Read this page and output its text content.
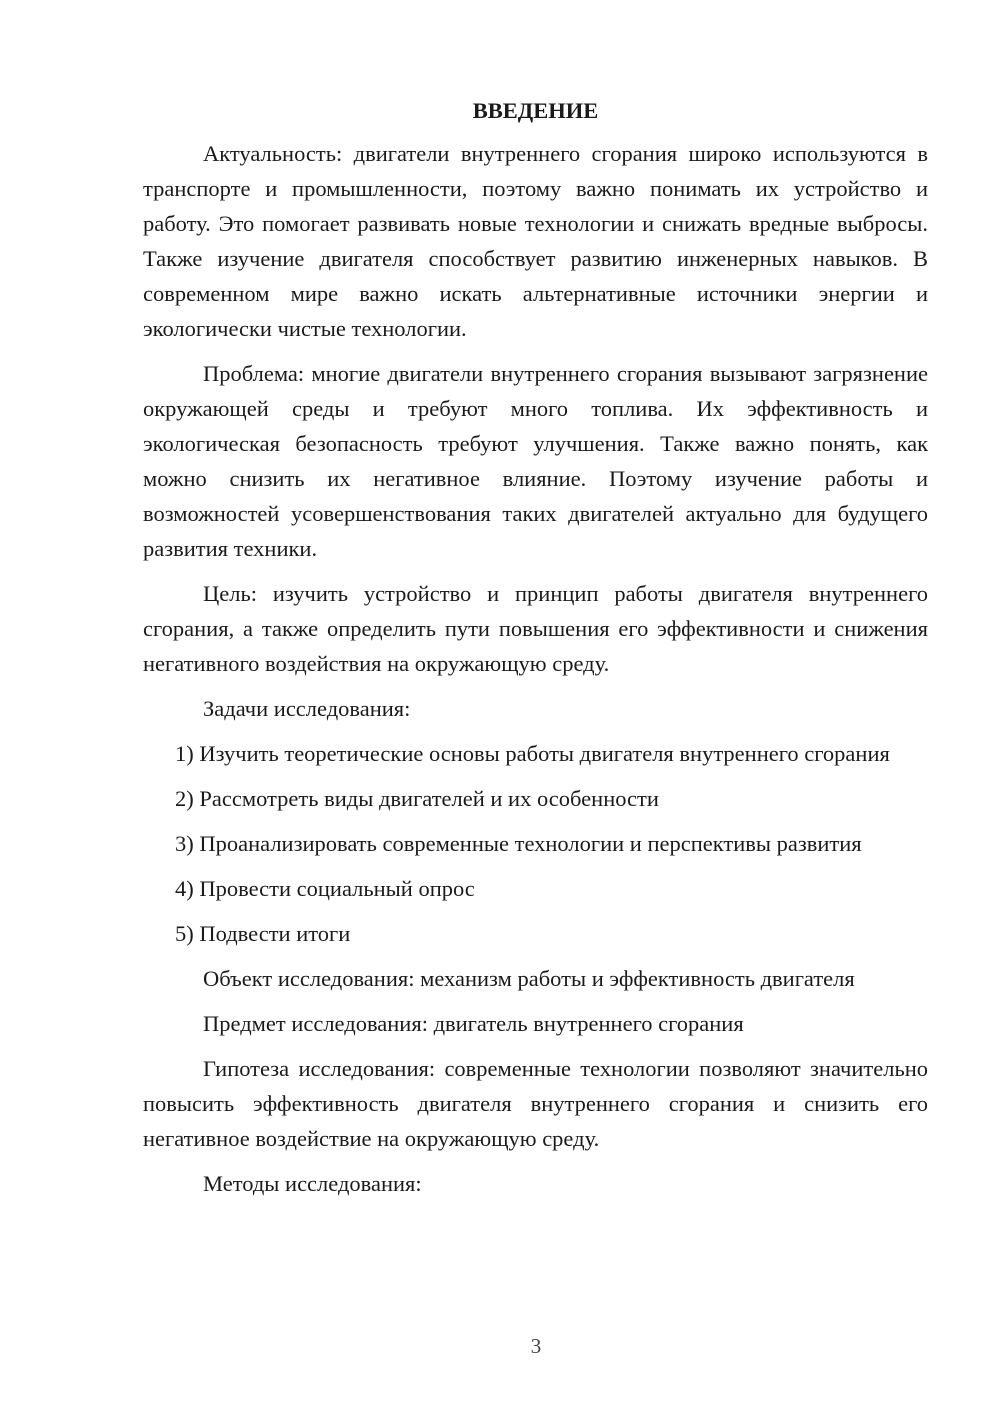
ВВЕДЕНИЕ

Актуальность: двигатели внутреннего сгорания широко используются в транспорте и промышленности, поэтому важно понимать их устройство и работу. Это помогает развивать новые технологии и снижать вредные выбросы. Также изучение двигателя способствует развитию инженерных навыков. В современном мире важно искать альтернативные источники энергии и экологически чистые технологии.

Проблема: многие двигатели внутреннего сгорания вызывают загрязнение окружающей среды и требуют много топлива. Их эффективность и экологическая безопасность требуют улучшения. Также важно понять, как можно снизить их негативное влияние. Поэтому изучение работы и возможностей усовершенствования таких двигателей актуально для будущего развития техники.

Цель: изучить устройство и принцип работы двигателя внутреннего сгорания, а также определить пути повышения его эффективности и снижения негативного воздействия на окружающую среду.

Задачи исследования:

1) Изучить теоретические основы работы двигателя внутреннего сгорания

2) Рассмотреть виды двигателей и их особенности

3) Проанализировать современные технологии и перспективы развития

4) Провести социальный опрос

5) Подвести итоги

Объект исследования: механизм работы и эффективность двигателя

Предмет исследования: двигатель внутреннего сгорания

Гипотеза исследования: современные технологии позволяют значительно повысить эффективность двигателя внутреннего сгорания и снизить его негативное воздействие на окружающую среду.

Методы исследования:

3
